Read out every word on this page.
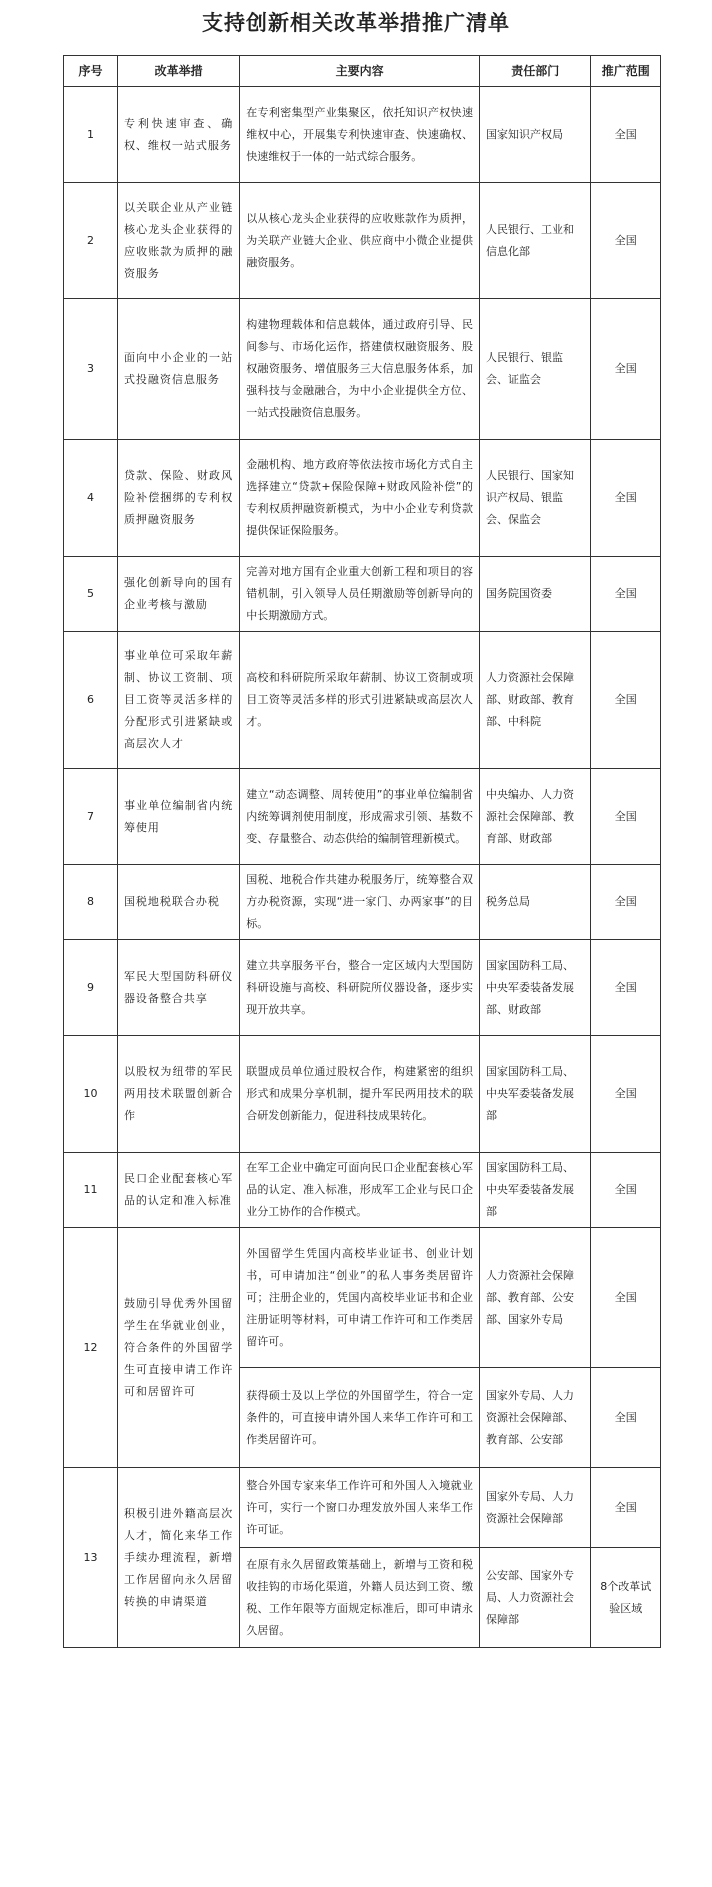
支持创新相关改革举措推广清单
序号	改革举措	主要内容	责任部门	推广范围
1	专利快速审查、确权、维权一站式服务	在专利密集型产业集聚区，依托知识产权快速维权中心，开展集专利快速审查、快速确权、快速维权于一体的一站式综合服务。	国家知识产权局	全国
2	以关联企业从产业链核心龙头企业获得的应收账款为质押的融资服务	以从核心龙头企业获得的应收账款作为质押，为关联产业链大企业、供应商中小微企业提供融资服务。	人民银行、工业和信息化部	全国
3	面向中小企业的一站式投融资信息服务	构建物理载体和信息载体，通过政府引导、民间参与、市场化运作，搭建债权融资服务、股权融资服务、增值服务三大信息服务体系，加强科技与金融融合，为中小企业提供全方位、一站式投融资信息服务。	人民银行、银监会、证监会	全国
4	贷款、保险、财政风险补偿捆绑的专利权质押融资服务	金融机构、地方政府等依法按市场化方式自主选择建立“贷款+保险保障+财政风险补偿”的专利权质押融资新模式，为中小企业专利贷款提供保证保险服务。	人民银行、国家知识产权局、银监会、保监会	全国
5	强化创新导向的国有企业考核与激励	完善对地方国有企业重大创新工程和项目的容错机制，引入领导人员任期激励等创新导向的中长期激励方式。	国务院国资委	全国
6	事业单位可采取年薪制、协议工资制、项目工资等灵活多样的分配形式引进紧缺或高层次人才	高校和科研院所采取年薪制、协议工资制或项目工资等灵活多样的形式引进紧缺或高层次人才。	人力资源社会保障部、财政部、教育部、中科院	全国
7	事业单位编制省内统筹使用	建立“动态调整、周转使用”的事业单位编制省内统筹调剂使用制度，形成需求引领、基数不变、存量整合、动态供给的编制管理新模式。	中央编办、人力资源社会保障部、教育部、财政部	全国
8	国税地税联合办税	国税、地税合作共建办税服务厅，统筹整合双方办税资源，实现“进一家门、办两家事”的目标。	税务总局	全国
9	军民大型国防科研仪器设备整合共享	建立共享服务平台，整合一定区域内大型国防科研设施与高校、科研院所仪器设备，逐步实现开放共享。	国家国防科工局、中央军委装备发展部、财政部	全国
10	以股权为纽带的军民两用技术联盟创新合作	联盟成员单位通过股权合作，构建紧密的组织形式和成果分享机制，提升军民两用技术的联合研发创新能力，促进科技成果转化。	国家国防科工局、中央军委装备发展部	全国
11	民口企业配套核心军品的认定和准入标准	在军工企业中确定可面向民口企业配套核心军品的认定、准入标准，形成军工企业与民口企业分工协作的合作模式。	国家国防科工局、中央军委装备发展部	全国
12	鼓励引导优秀外国留学生在华就业创业，符合条件的外国留学生可直接申请工作许可和居留许可	外国留学生凭国内高校毕业证书、创业计划书，可申请加注“创业”的私人事务类居留许可；注册企业的，凭国内高校毕业证书和企业注册证明等材料，可申请工作许可和工作类居留许可。	人力资源社会保障部、教育部、公安部、国家外专局	全国
		获得硕士及以上学位的外国留学生，符合一定条件的，可直接申请外国人来华工作许可和工作类居留许可。	国家外专局、人力资源社会保障部、教育部、公安部	全国
13	积极引进外籍高层次人才，简化来华工作手续办理流程，新增工作居留向永久居留转换的申请渠道	整合外国专家来华工作许可和外国人入境就业许可，实行一个窗口办理发放外国人来华工作许可证。	国家外专局、人力资源社会保障部	全国
		在原有永久居留政策基础上，新增与工资和税收挂钩的市场化渠道，外籍人员达到工资、缴税、工作年限等方面规定标准后，即可申请永久居留。	公安部、国家外专局、人力资源社会保障部	8个改革试验区域
